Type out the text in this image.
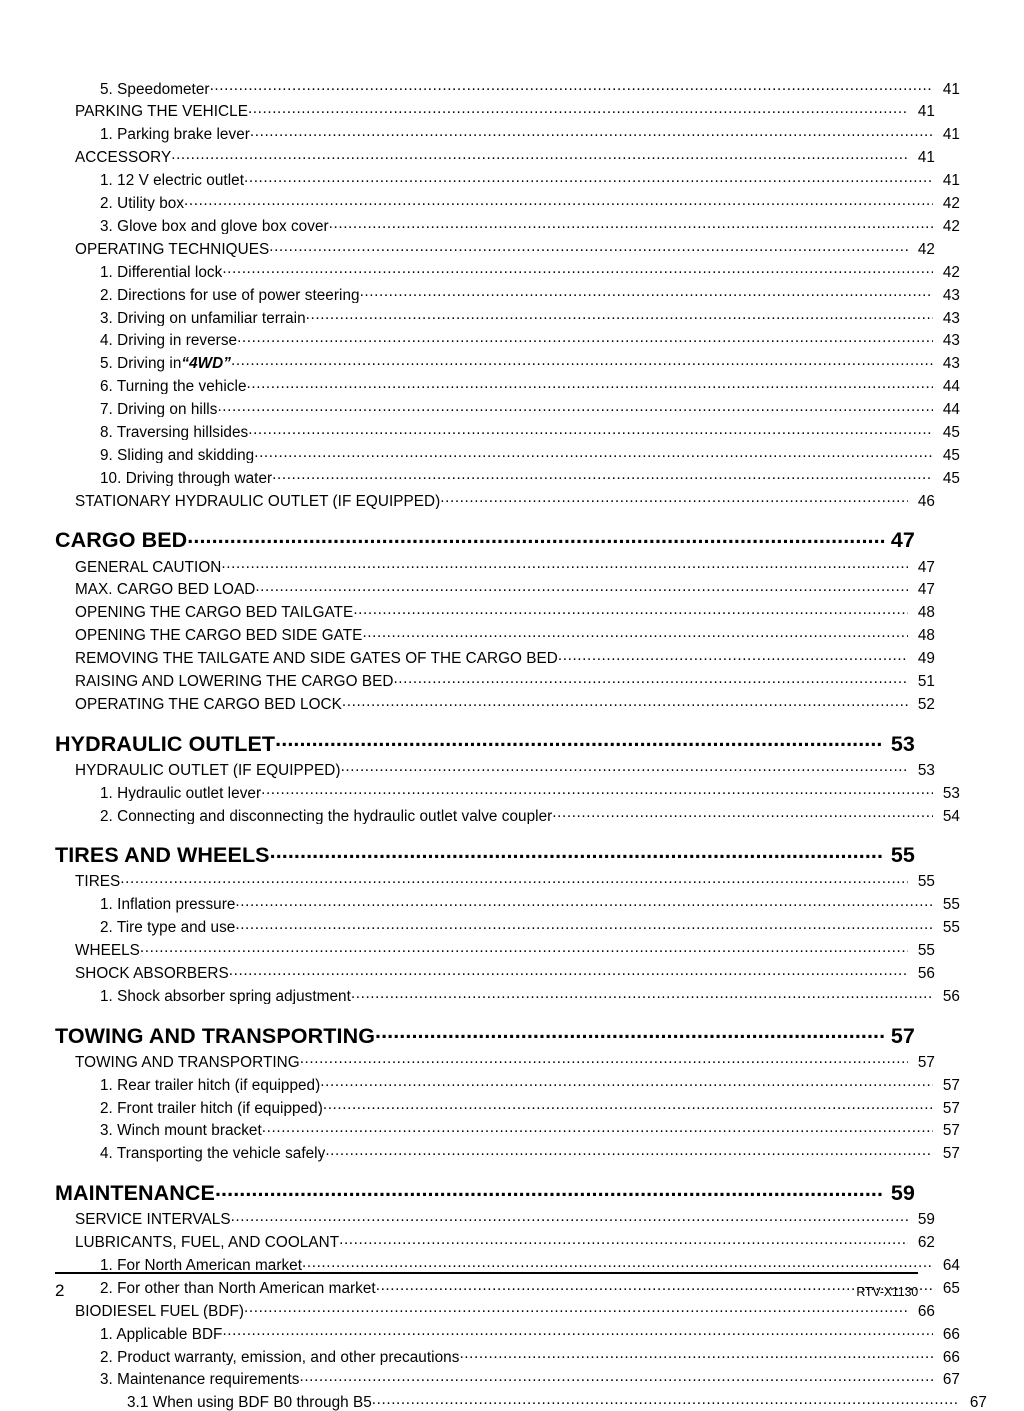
5. Speedometer .....	41
PARKING THE VEHICLE .....	41
1. Parking brake lever .....	41
ACCESSORY .....	41
1. 12 V electric outlet .....	41
2. Utility box .....	42
3. Glove box and glove box cover .....	42
OPERATING TECHNIQUES .....	42
1. Differential lock .....	42
2. Directions for use of power steering .....	43
3. Driving on unfamiliar terrain .....	43
4. Driving in reverse .....	43
5. Driving in “4WD” .....	43
6. Turning the vehicle .....	44
7. Driving on hills .....	44
8. Traversing hillsides .....	45
9. Sliding and skidding .....	45
10. Driving through water .....	45
STATIONARY HYDRAULIC OUTLET (IF EQUIPPED) .....	46
CARGO BED .....	47
GENERAL CAUTION .....	47
MAX. CARGO BED LOAD .....	47
OPENING THE CARGO BED TAILGATE .....	48
OPENING THE CARGO BED SIDE GATE .....	48
REMOVING THE TAILGATE AND SIDE GATES OF THE CARGO BED .....	49
RAISING AND LOWERING THE CARGO BED .....	51
OPERATING THE CARGO BED LOCK .....	52
HYDRAULIC OUTLET .....	53
HYDRAULIC OUTLET (IF EQUIPPED) .....	53
1. Hydraulic outlet lever .....	53
2. Connecting and disconnecting the hydraulic outlet valve coupler .....	54
TIRES AND WHEELS .....	55
TIRES .....	55
1. Inflation pressure .....	55
2. Tire type and use .....	55
WHEELS .....	55
SHOCK ABSORBERS .....	56
1. Shock absorber spring adjustment .....	56
TOWING AND TRANSPORTING .....	57
TOWING AND TRANSPORTING .....	57
1. Rear trailer hitch (if equipped) .....	57
2. Front trailer hitch (if equipped) .....	57
3. Winch mount bracket .....	57
4. Transporting the vehicle safely .....	57
MAINTENANCE .....	59
SERVICE INTERVALS .....	59
LUBRICANTS, FUEL, AND COOLANT .....	62
1. For North American market .....	64
2. For other than North American market .....	65
BIODIESEL FUEL (BDF) .....	66
1. Applicable BDF .....	66
2. Product warranty, emission, and other precautions .....	66
3. Maintenance requirements .....	67
3.1 When using BDF B0 through B5 .....	67
2	RTV-X1130
